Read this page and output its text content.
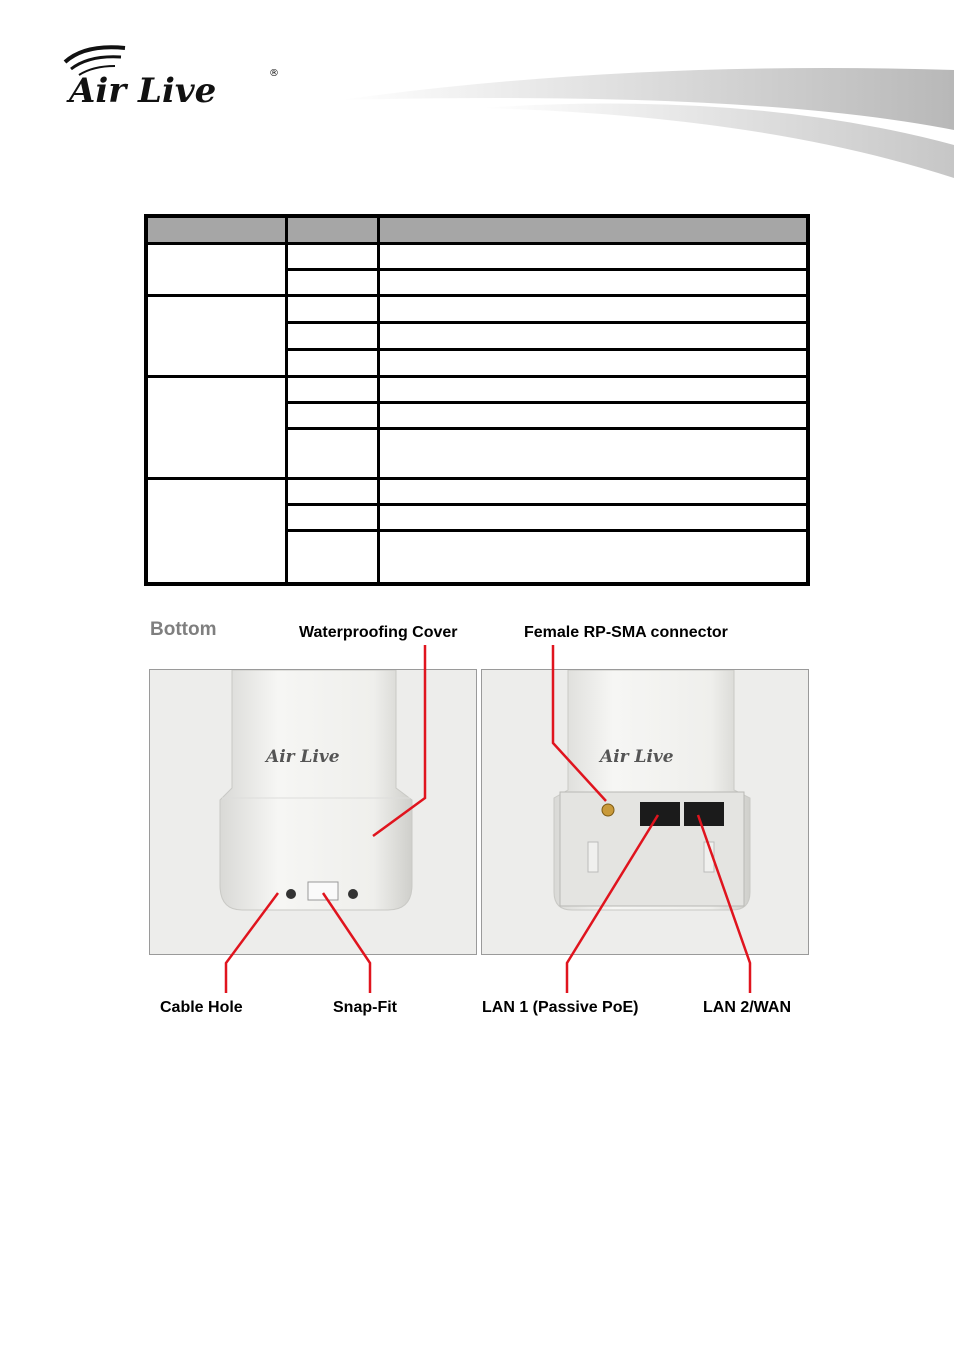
Air Live	®

Bottom	Waterproofing Cover	Female RP-SMA connector
Air Live	Air Live
Cable Hole	Snap-Fit	LAN 1 (Passive PoE)	LAN 2/WAN
